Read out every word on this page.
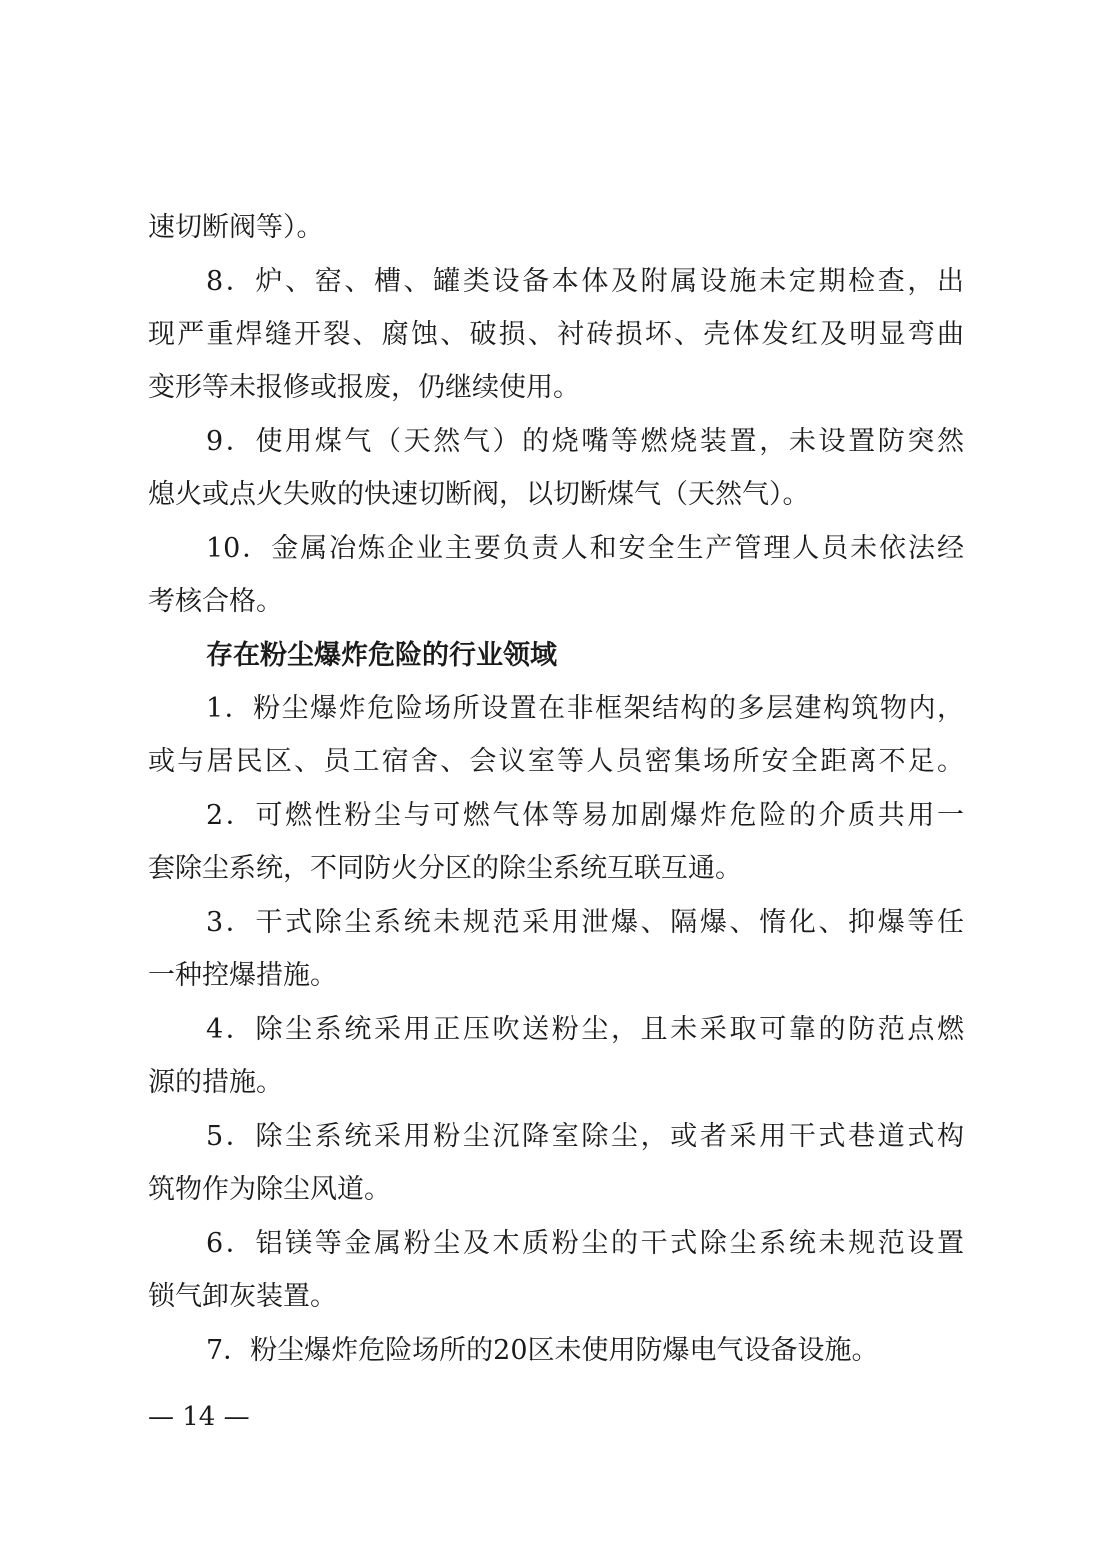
速切断阀等）。
8．炉、窑、槽、罐类设备本体及附属设施未定期检查，出
现严重焊缝开裂、腐蚀、破损、衬砖损坏、壳体发红及明显弯曲
变形等未报修或报废，仍继续使用。
9．使用煤气（天然气）的烧嘴等燃烧装置，未设置防突然
熄火或点火失败的快速切断阀，以切断煤气（天然气）。
10．金属冶炼企业主要负责人和安全生产管理人员未依法经
考核合格。
存在粉尘爆炸危险的行业领域
1．粉尘爆炸危险场所设置在非框架结构的多层建构筑物内，
或与居民区、员工宿舍、会议室等人员密集场所安全距离不足。
2．可燃性粉尘与可燃气体等易加剧爆炸危险的介质共用一
套除尘系统，不同防火分区的除尘系统互联互通。
3．干式除尘系统未规范采用泄爆、隔爆、惰化、抑爆等任
一种控爆措施。
4．除尘系统采用正压吹送粉尘，且未采取可靠的防范点燃
源的措施。
5．除尘系统采用粉尘沉降室除尘，或者采用干式巷道式构
筑物作为除尘风道。
6．铝镁等金属粉尘及木质粉尘的干式除尘系统未规范设置
锁气卸灰装置。
7．粉尘爆炸危险场所的20区未使用防爆电气设备设施。
— 14 —
